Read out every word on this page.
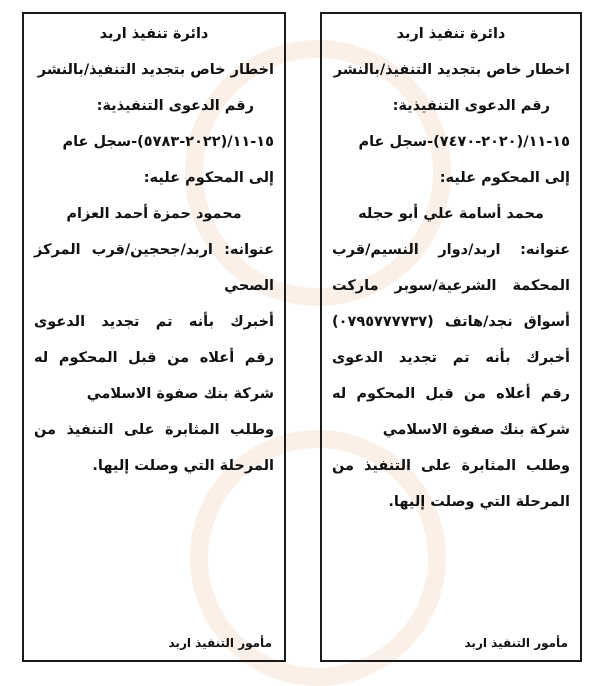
دائرة تنفيذ اربد
اخطار خاص بتجديد التنفيذ/بالنشر
رقم الدعوى التنفيذية:
١٥-١١/(٢٠٢٢-٥٧٨٣)-سجل عام
إلى المحكوم عليه:
محمود حمزة أحمد العزام
عنوانه: اربد/جحجين/قرب المركز
الصحي
أخبرك بأنه تم تجديد الدعوى
رقم أعلاه من قبل المحكوم له
شركة بنك صفوة الاسلامي
وطلب المثابرة على التنفيذ من
المرحلة التي وصلت إليها.
مأمور التنفيذ اربد
دائرة تنفيذ اربد
اخطار خاص بتجديد التنفيذ/بالنشر
رقم الدعوى التنفيذية:
١٥-١١/(٢٠٢٠-٧٤٧٠)-سجل عام
إلى المحكوم عليه:
محمد أسامة علي أبو حجله
عنوانه: اربد/دوار النسيم/قرب
المحكمة الشرعية/سوبر ماركت
أسواق نجد/هاتف (٠٧٩٥٧٧٧٧٣٧)
أخبرك بأنه تم تجديد الدعوى
رقم أعلاه من قبل المحكوم له
شركة بنك صفوة الاسلامي
وطلب المثابرة على التنفيذ من
المرحلة التي وصلت إليها.
مأمور التنفيذ اربد
